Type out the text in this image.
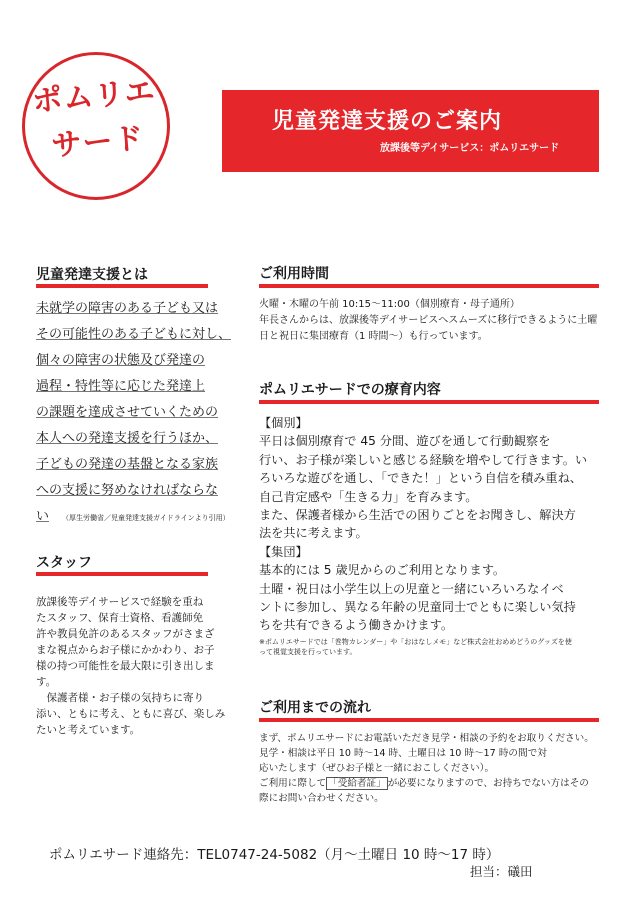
ポムリエ
サード	児童発達支援のご案内
放課後等デイサービス：ポムリエサード
児童発達支援とは

未就学の障害のある子ども又は

その可能性のある子どもに対し、

個々の障害の状態及び発達の

過程・特性等に応じた発達上

の課題を達成させていくための

本人への発達支援を行うほか、

子どもの発達の基盤となる家族

への支援に努めなければならな

い  （厚生労働省／児童発達支援ガイドラインより引用）

スタッフ

放課後等デイサービスで経験を重ね

たスタッフ、保育士資格、看護師免

許や教員免許のあるスタッフがさまざ

まな視点からお子様にかかわり、お子

様の持つ可能性を最大限に引き出しま

す。

保護者様・お子様の気持ちに寄り

添い、ともに考え、ともに喜び、楽しみ

たいと考えています。

ご利用時間
火曜・木曜の午前 10:15～11:00（個別療育・母子通所）
年長さんからは、放課後等デイサービスへスムーズに移行できるように土曜
日と祝日に集団療育（1 時間～）も行っています。
ポムリエサードでの療育内容

【個別】

平日は個別療育で 45 分間、遊びを通して行動観察を

行い、お子様が楽しいと感じる経験を増やして行きます。い

ろいろな遊びを通し、「できた！」という自信を積み重ね、

自己肯定感や「生きる力」を育みます。

また、保護者様から生活での困りごとをお聞きし、解決方

法を共に考えます。

【集団】

基本的には 5 歳児からのご利用となります。

土曜・祝日は小学生以上の児童と一緒にいろいろなイベ

ントに参加し、異なる年齢の児童同士でともに楽しい気持

ちを共有できるよう働きかけます。

※ポムリエサードでは「巻物カレンダー」や「おはなしメモ」など株式会社おめめどうのグッズを使
って視覚支援を行っています。

ご利用までの流れ

まず、ポムリエサードにお電話いただき見学・相談の予約をお取りください。

見学・相談は平日 10 時～14 時、土曜日は 10 時～17 時の間で対

応いたします（ぜひお子様と一緒におこしください）。

ご利用に際して 「受給者証」 が必要になりますので、お持ちでない方はその

際にお問い合わせください。

ポムリエサード連絡先：TEL0747-24-5082（月～土曜日 10 時～17 時）
担当：礒田
